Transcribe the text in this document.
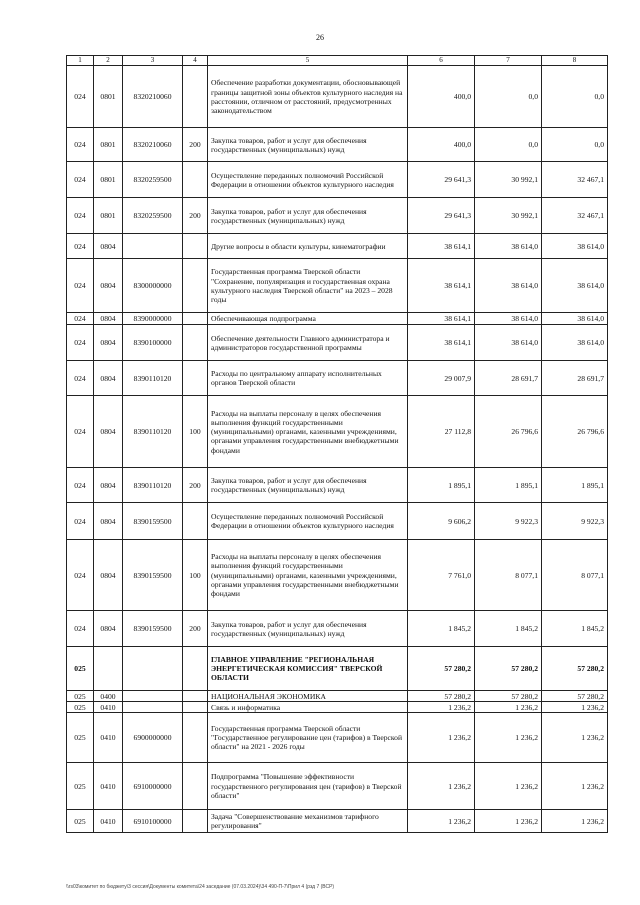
26
1	2	3	4	5	6	7	8
024	0801	8320210060		Обеспечение разработки документации, обосновывающей границы защитной зоны объектов культурного наследия на расстоянии, отличном от расстояний, предусмотренных законодательством	400,0	0,0	0,0
024	0801	8320210060	200	Закупка товаров, работ и услуг для обеспечения государственных (муниципальных) нужд	400,0	0,0	0,0
024	0801	8320259500		Осуществление переданных полномочий Российской Федерации в отношении объектов культурного наследия	29 641,3	30 992,1	32 467,1
024	0801	8320259500	200	Закупка товаров, работ и услуг для обеспечения государственных (муниципальных) нужд	29 641,3	30 992,1	32 467,1
024	0804			Другие вопросы в области культуры, кинематографии	38 614,1	38 614,0	38 614,0
024	0804	8300000000		Государственная программа Тверской области "Сохранение, популяризация и государственная охрана культурного наследия Тверской области" на 2023 – 2028 годы	38 614,1	38 614,0	38 614,0
024	0804	8390000000		Обеспечивающая подпрограмма	38 614,1	38 614,0	38 614,0
024	0804	8390100000		Обеспечение деятельности Главного администратора и администраторов государственной программы	38 614,1	38 614,0	38 614,0
024	0804	8390110120		Расходы по центральному аппарату исполнительных органов Тверской области	29 007,9	28 691,7	28 691,7
024	0804	8390110120	100	Расходы на выплаты персоналу в целях обеспечения выполнения функций государственными (муниципальными) органами, казенными учреждениями, органами управления государственными внебюджетными фондами	27 112,8	26 796,6	26 796,6
024	0804	8390110120	200	Закупка товаров, работ и услуг для обеспечения государственных (муниципальных) нужд	1 895,1	1 895,1	1 895,1
024	0804	8390159500		Осуществление переданных полномочий Российской Федерации в отношении объектов культурного наследия	9 606,2	9 922,3	9 922,3
024	0804	8390159500	100	Расходы на выплаты персоналу в целях обеспечения выполнения функций государственными (муниципальными) органами, казенными учреждениями, органами управления государственными внебюджетными фондами	7 761,0	8 077,1	8 077,1
024	0804	8390159500	200	Закупка товаров, работ и услуг для обеспечения государственных (муниципальных) нужд	1 845,2	1 845,2	1 845,2
025				ГЛАВНОЕ УПРАВЛЕНИЕ "РЕГИОНАЛЬНАЯ ЭНЕРГЕТИЧЕСКАЯ КОМИССИЯ" ТВЕРСКОЙ ОБЛАСТИ	57 280,2	57 280,2	57 280,2
025	0400			НАЦИОНАЛЬНАЯ ЭКОНОМИКА	57 280,2	57 280,2	57 280,2
025	0410			Связь и информатика	1 236,2	1 236,2	1 236,2
025	0410	6900000000		Государственная программа Тверской области "Государственное регулирование цен (тарифов) в Тверской области" на 2021 - 2026 годы	1 236,2	1 236,2	1 236,2
025	0410	6910000000		Подпрограмма "Повышение эффективности государственного регулирования цен (тарифов) в Тверской области"	1 236,2	1 236,2	1 236,2
025	0410	6910100000		Задача "Совершенствование механизмов тарифного регулирования"	1 236,2	1 236,2	1 236,2
\\rs03\комитет по бюджету\3 сессия\Документы комитета\24 заседание (07.03.2024)\34 490-П-7\Прил 4 (рзд 7 (ВСР)
